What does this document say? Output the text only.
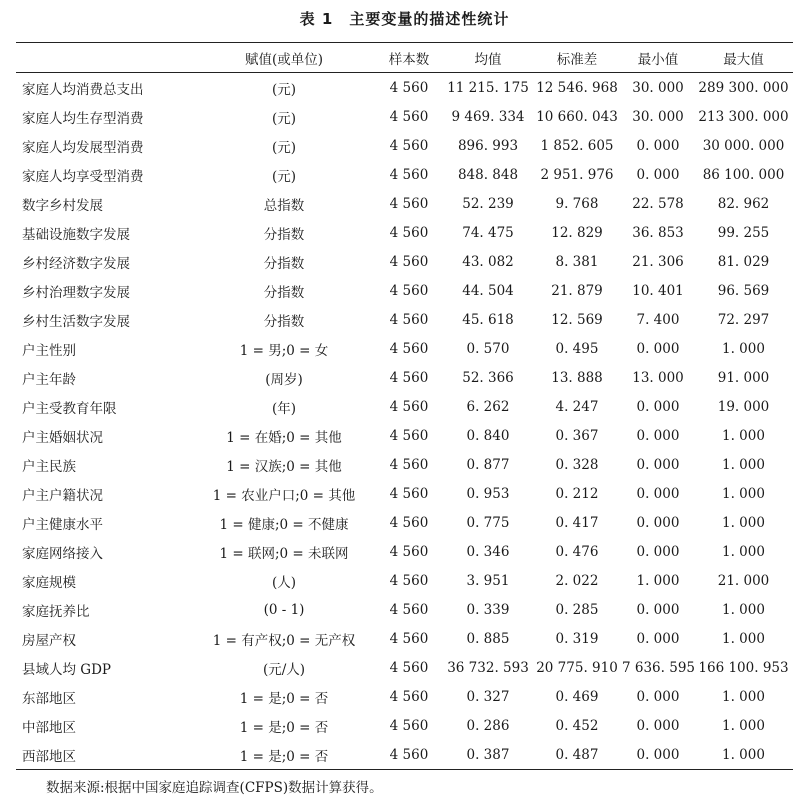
表 1　主要变量的描述性统计
	赋值(或单位)	样本数	均值	标准差	最小值	最大值
家庭人均消费总支出	(元)	4 560	11 215. 175	12 546. 968	30. 000	289 300. 000
家庭人均生存型消费	(元)	4 560	9 469. 334	10 660. 043	30. 000	213 300. 000
家庭人均发展型消费	(元)	4 560	896. 993	1 852. 605	0. 000	30 000. 000
家庭人均享受型消费	(元)	4 560	848. 848	2 951. 976	0. 000	86 100. 000
数字乡村发展	总指数	4 560	52. 239	9. 768	22. 578	82. 962
基础设施数字发展	分指数	4 560	74. 475	12. 829	36. 853	99. 255
乡村经济数字发展	分指数	4 560	43. 082	8. 381	21. 306	81. 029
乡村治理数字发展	分指数	4 560	44. 504	21. 879	10. 401	96. 569
乡村生活数字发展	分指数	4 560	45. 618	12. 569	7. 400	72. 297
户主性别	1 = 男;0 = 女	4 560	0. 570	0. 495	0. 000	1. 000
户主年龄	(周岁)	4 560	52. 366	13. 888	13. 000	91. 000
户主受教育年限	(年)	4 560	6. 262	4. 247	0. 000	19. 000
户主婚姻状况	1 = 在婚;0 = 其他	4 560	0. 840	0. 367	0. 000	1. 000
户主民族	1 = 汉族;0 = 其他	4 560	0. 877	0. 328	0. 000	1. 000
户主户籍状况	1 = 农业户口;0 = 其他	4 560	0. 953	0. 212	0. 000	1. 000
户主健康水平	1 = 健康;0 = 不健康	4 560	0. 775	0. 417	0. 000	1. 000
家庭网络接入	1 = 联网;0 = 未联网	4 560	0. 346	0. 476	0. 000	1. 000
家庭规模	(人)	4 560	3. 951	2. 022	1. 000	21. 000
家庭抚养比	(0 - 1)	4 560	0. 339	0. 285	0. 000	1. 000
房屋产权	1 = 有产权;0 = 无产权	4 560	0. 885	0. 319	0. 000	1. 000
县域人均 GDP	(元/人)	4 560	36 732. 593	20 775. 910	7 636. 595	166 100. 953
东部地区	1 = 是;0 = 否	4 560	0. 327	0. 469	0. 000	1. 000
中部地区	1 = 是;0 = 否	4 560	0. 286	0. 452	0. 000	1. 000
西部地区	1 = 是;0 = 否	4 560	0. 387	0. 487	0. 000	1. 000
数据来源:根据中国家庭追踪调查(CFPS)数据计算获得。
